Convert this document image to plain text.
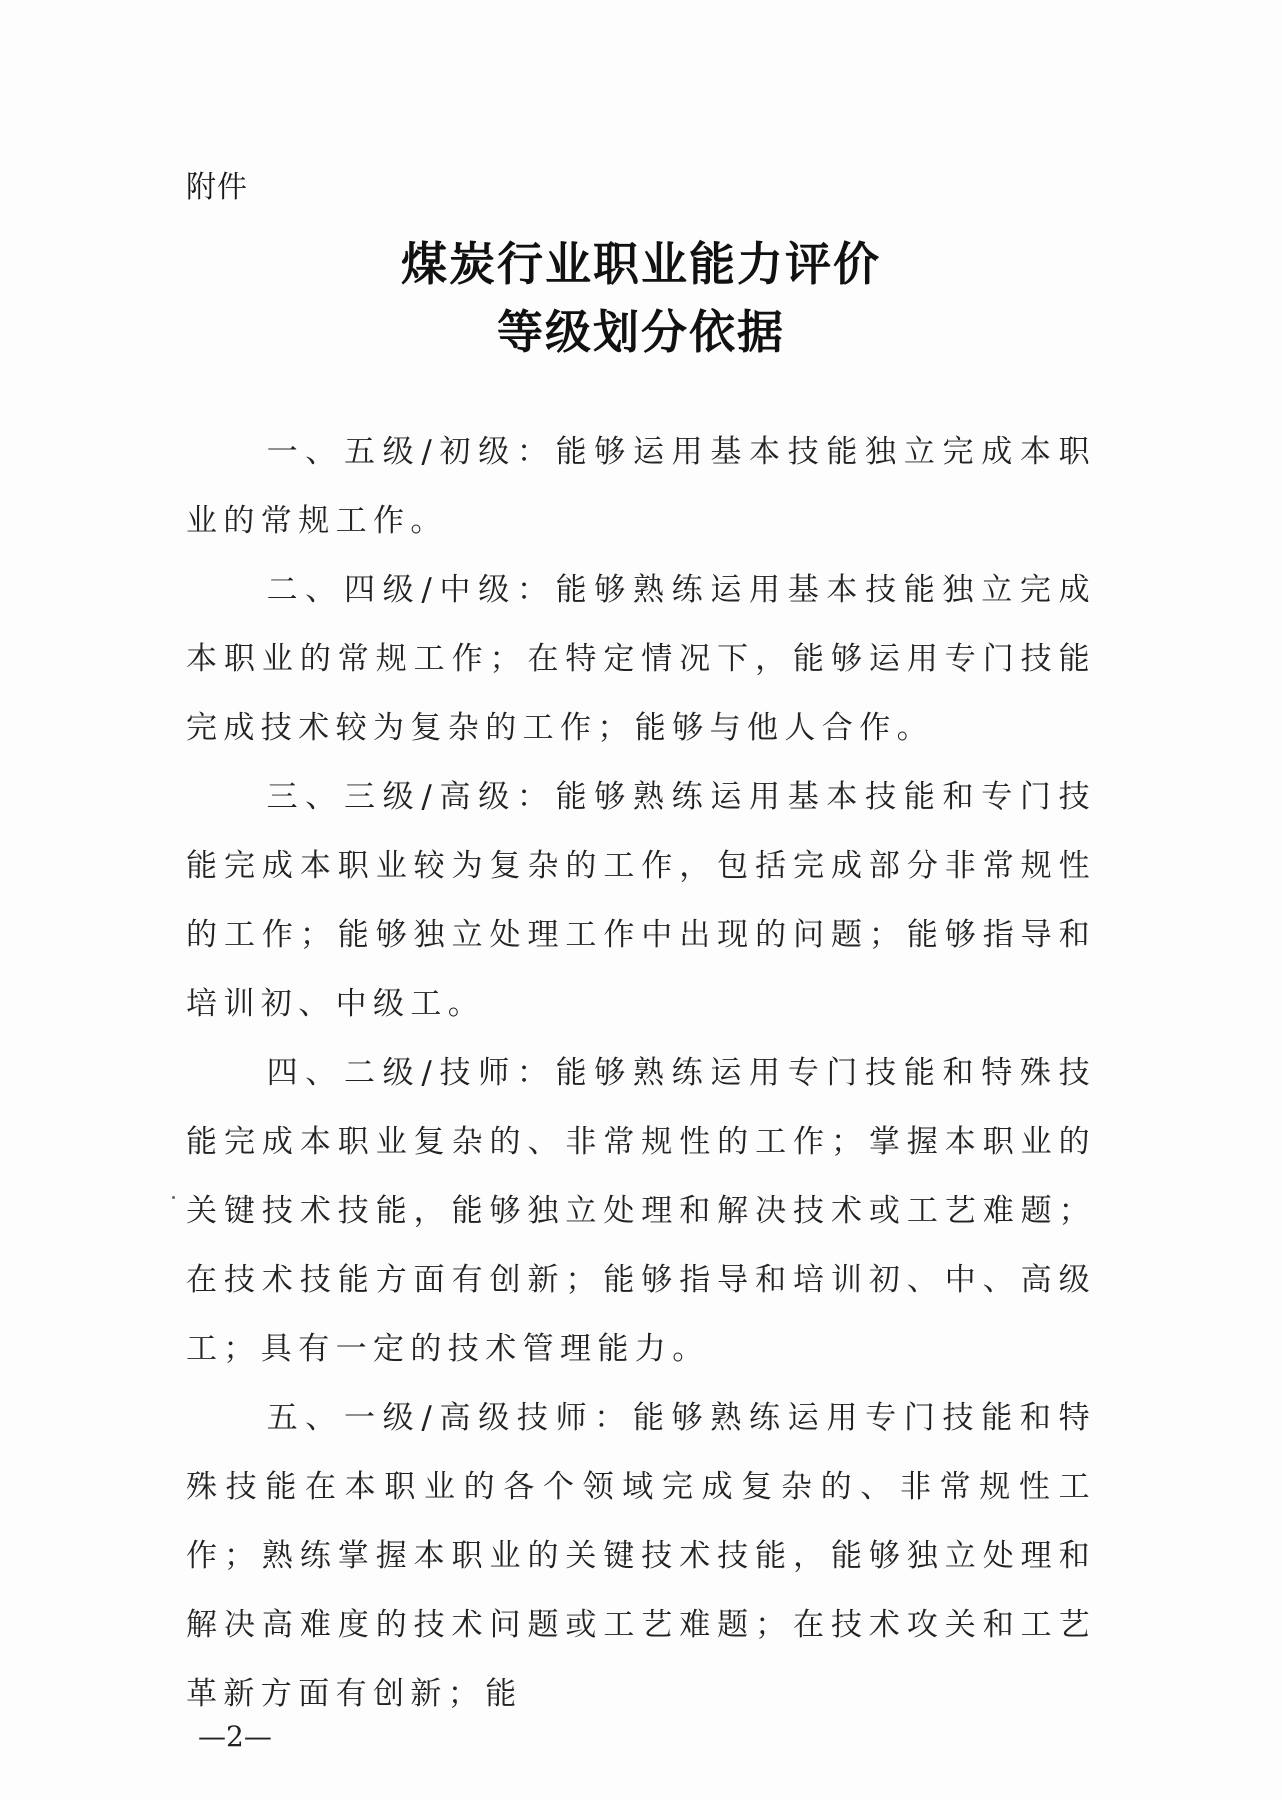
附件
煤炭行业职业能力评价
等级划分依据

一、五级/初级：能够运用基本技能独立完成本职业的常规工作。

二、四级/中级：能够熟练运用基本技能独立完成本职业的常规工作；在特定情况下，能够运用专门技能完成技术较为复杂的工作；能够与他人合作。

三、三级/高级：能够熟练运用基本技能和专门技能完成本职业较为复杂的工作，包括完成部分非常规性的工作；能够独立处理工作中出现的问题；能够指导和培训初、中级工。

四、二级/技师：能够熟练运用专门技能和特殊技能完成本职业复杂的、非常规性的工作；掌握本职业的关键技术技能，能够独立处理和解决技术或工艺难题；在技术技能方面有创新；能够指导和培训初、中、高级工；具有一定的技术管理能力。

五、一级/高级技师：能够熟练运用专门技能和特殊技能在本职业的各个领域完成复杂的、非常规性工作；熟练掌握本职业的关键技术技能，能够独立处理和解决高难度的技术问题或工艺难题；在技术攻关和工艺革新方面有创新；能

—2—
